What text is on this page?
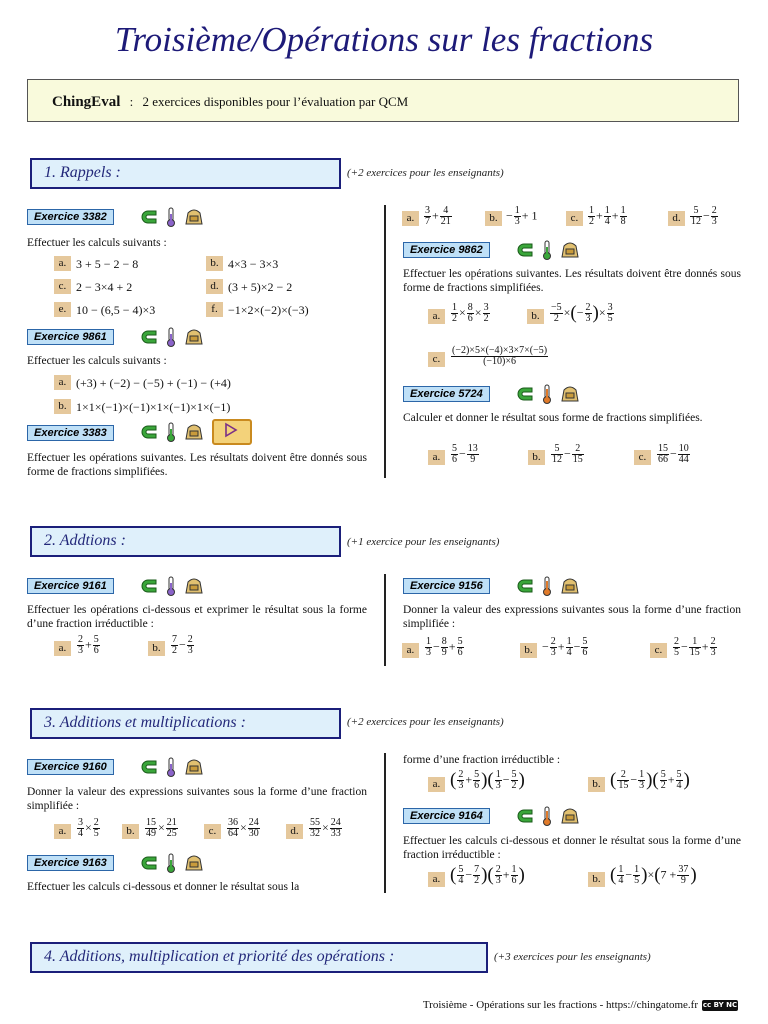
Troisième/Opérations sur les fractions
ChingEval : 2 exercices disponibles pour l’évaluation par QCM
1. Rappels :	(+2 exercices pour les enseignants)
Exercice 3382
Effectuer les calculs suivants :
a. 3 + 5 − 2 − 8	b. 4×3 − 3×3
c. 2 − 3×4 + 2	d. (3 + 5)×2 − 2
e. 10 − (6,5 − 4)×3	f. −1×2×(−2)×(−3)
Exercice 9861
Effectuer les calculs suivants :
a. (+3) + (−2) − (−5) + (−1) − (+4)
b. 1×1×(−1)×(−1)×1×(−1)×1×(−1)
Exercice 3383
Effectuer les opérations suivantes. Les résultats doivent être donnés sous forme de fractions simplifiées.
a. $\frac{3}{7} + \frac{4}{21}$	b. − $\frac{1}{3} + 1$	c. $\frac{1}{2} + \frac{1}{4} + \frac{1}{8}$	d. $\frac{5}{12} - \frac{2}{3}$
Exercice 9862
Effectuer les opérations suivantes. Les résultats doivent être donnés sous forme de fractions simplifiées.
a.	$\frac{1}{2} \times \frac{8}{6} \times \frac{3}{2}$	b.	$\frac{-5}{2}$ ×(− $\frac{2}{3}$ )× $\frac{3}{5}$
c.	$\frac{(-2)\times 5\times(-4)\times 3\times 7\times(-5)}{(-10)\times 6}$
Exercice 5724
Calculer et donner le résultat sous forme de fractions simplifiées.
a.	$\frac{5}{6} - \frac{13}{9}$	b.	$\frac{5}{12} - \frac{2}{15}$	c.	$\frac{15}{66} - \frac{10}{44}$
2. Addtions :	(+1 exercice pour les enseignants)
Exercice 9161
Effectuer les opérations ci-dessous et exprimer le résultat sous la forme d’une fraction irréductible :
a.	$\frac{2}{3} + \frac{5}{6}$	b.	$\frac{7}{2} - \frac{2}{3}$
Exercice 9156
Donner la valeur des expressions suivantes sous la forme d’une fraction simplifiée :
a.	$\frac{1}{3} - \frac{8}{9} + \frac{5}{6}$	b. − $\frac{2}{3} + \frac{1}{4} - \frac{5}{6}$	c.	$\frac{2}{5} - \frac{1}{15} + \frac{2}{3}$
3. Additions et multiplications :	(+2 exercices pour les enseignants)
Exercice 9160
Donner la valeur des expressions suivantes sous la forme d’une fraction simplifiée :
a.	$\frac{3}{4} \times \frac{2}{5}$	b.	$\frac{15}{49} \times \frac{21}{25}$	c.	$\frac{36}{64} \times \frac{24}{30}$	d.	$\frac{55}{32} \times \frac{24}{33}$
Exercice 9163
Effectuer les calculs ci-dessous et donner le résultat sous la
forme d’une fraction irréductible :
a. ( $\frac{2}{3} + \frac{5}{6}$ )( $\frac{1}{3} - \frac{5}{2}$ )	b. ( $\frac{2}{15} - \frac{1}{3}$ )( $\frac{5}{2} + \frac{5}{4}$ )
Exercice 9164
Effectuer les calculs ci-dessous et donner le résultat sous la forme d’une fraction irréductible :
a. ( $\frac{5}{4} - \frac{7}{2}$ )( $\frac{2}{3} + \frac{1}{6}$ )	b. ( $\frac{1}{4} - \frac{1}{5} )\times(7 + \frac{37}{9}$ )
4. Additions, multiplication et priorité des opérations :	(+3 exercices pour les enseignants)
Troisième - Opérations sur les fractions - https://chingatome.fr cc BY NC
